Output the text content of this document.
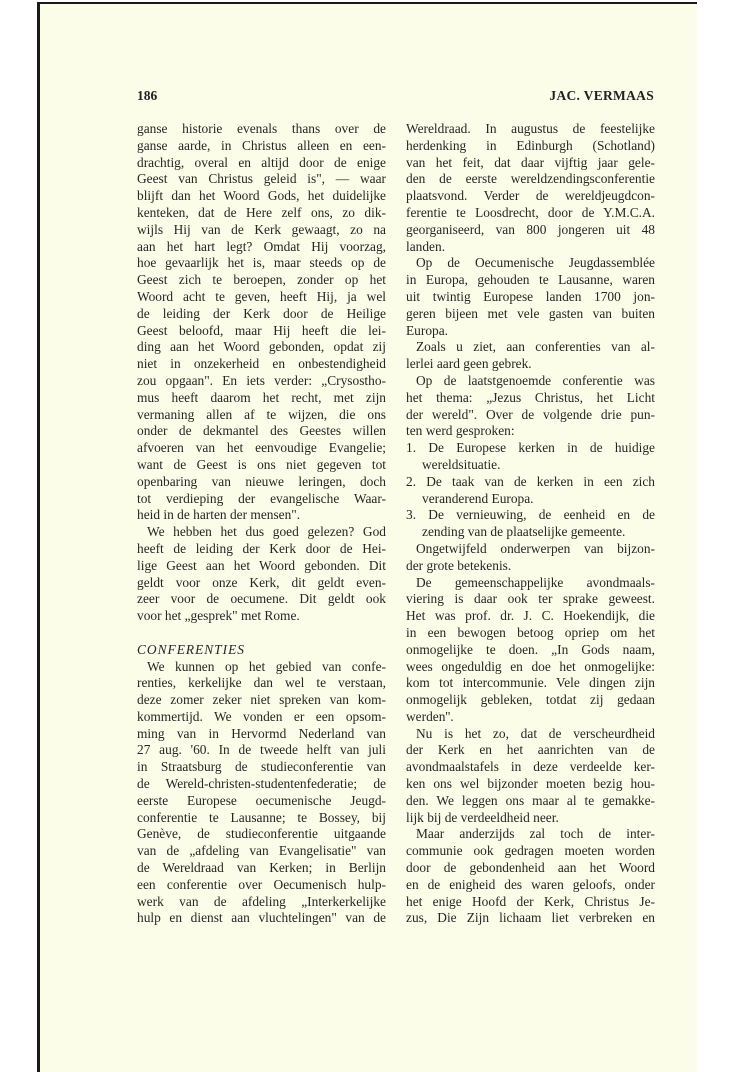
186	JAC. VERMAAS
ganse historie evenals thans over de
ganse aarde, in Christus alleen en een-
drachtig, overal en altijd door de enige
Geest van Christus geleid is", — waar
blijft dan het Woord Gods, het duidelijke
kenteken, dat de Here zelf ons, zo dik-
wijls Hij van de Kerk gewaagt, zo na
aan het hart legt? Omdat Hij voorzag,
hoe gevaarlijk het is, maar steeds op de
Geest zich te beroepen, zonder op het
Woord acht te geven, heeft Hij, ja wel
de leiding der Kerk door de Heilige
Geest beloofd, maar Hij heeft die lei-
ding aan het Woord gebonden, opdat zij
niet in onzekerheid en onbestendigheid
zou opgaan". En iets verder: „Crysostho-
mus heeft daarom het recht, met zijn
vermaning allen af te wijzen, die ons
onder de dekmantel des Geestes willen
afvoeren van het eenvoudige Evangelie;
want de Geest is ons niet gegeven tot
openbaring van nieuwe leringen, doch
tot verdieping der evangelische Waar-
heid in de harten der mensen".
We hebben het dus goed gelezen? God
heeft de leiding der Kerk door de Hei-
lige Geest aan het Woord gebonden. Dit
geldt voor onze Kerk, dit geldt even-
zeer voor de oecumene. Dit geldt ook
voor het „gesprek" met Rome.
CONFERENTIES
We kunnen op het gebied van confe-
renties, kerkelijke dan wel te verstaan,
deze zomer zeker niet spreken van kom-
kommertijd. We vonden er een opsom-
ming van in Hervormd Nederland van
27 aug. '60. In de tweede helft van juli
in Straatsburg de studieconferentie van
de Wereld-christen-studentenfederatie; de
eerste Europese oecumenische Jeugd-
conferentie te Lausanne; te Bossey, bij
Genève, de studieconferentie uitgaande
van de „afdeling van Evangelisatie" van
de Wereldraad van Kerken; in Berlijn
een conferentie over Oecumenisch hulp-
werk van de afdeling „Interkerkelijke
hulp en dienst aan vluchtelingen" van de
Wereldraad. In augustus de feestelijke
herdenking in Edinburgh (Schotland)
van het feit, dat daar vijftig jaar gele-
den de eerste wereldzendingsconferentie
plaatsvond. Verder de wereldjeugdcon-
ferentie te Loosdrecht, door de Y.M.C.A.
georganiseerd, van 800 jongeren uit 48
landen.
Op de Oecumenische Jeugdassemblée
in Europa, gehouden te Lausanne, waren
uit twintig Europese landen 1700 jon-
geren bijeen met vele gasten van buiten
Europa.
Zoals u ziet, aan conferenties van al-
lerlei aard geen gebrek.
Op de laatstgenoemde conferentie was
het thema: „Jezus Christus, het Licht
der wereld". Over de volgende drie pun-
ten werd gesproken:
1. De Europese kerken in de huidige
wereldsituatie.
2. De taak van de kerken in een zich
veranderend Europa.
3. De vernieuwing, de eenheid en de
zending van de plaatselijke gemeente.
Ongetwijfeld onderwerpen van bijzon-
der grote betekenis.
De gemeenschappelijke avondmaals-
viering is daar ook ter sprake geweest.
Het was prof. dr. J. C. Hoekendijk, die
in een bewogen betoog opriep om het
onmogelijke te doen. „In Gods naam,
wees ongeduldig en doe het onmogelijke:
kom tot intercommunie. Vele dingen zijn
onmogelijk gebleken, totdat zij gedaan
werden''.
Nu is het zo, dat de verscheurdheid
der Kerk en het aanrichten van de
avondmaalstafels in deze verdeelde ker-
ken ons wel bijzonder moeten bezig hou-
den. We leggen ons maar al te gemakke-
lijk bij de verdeeldheid neer.
Maar anderzijds zal toch de inter-
communie ook gedragen moeten worden
door de gebondenheid aan het Woord
en de enigheid des waren geloofs, onder
het enige Hoofd der Kerk, Christus Je-
zus, Die Zijn lichaam liet verbreken en
